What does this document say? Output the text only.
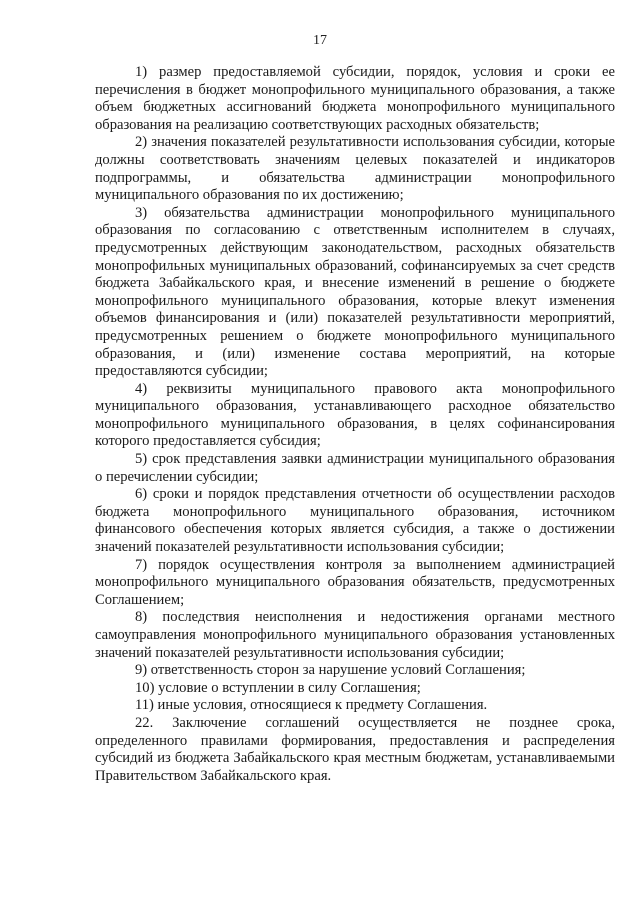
17

1) размер предоставляемой субсидии, порядок, условия и сроки ее перечисления в бюджет монопрофильного муниципального образования, а также объем бюджетных ассигнований бюджета монопрофильного муниципального образования на реализацию соответствующих расходных обязательств;

2) значения показателей результативности использования субсидии, которые должны соответствовать значениям целевых показателей и индикаторов подпрограммы, и обязательства администрации монопрофильного муниципального образования по их достижению;

3) обязательства администрации монопрофильного муниципального образования по согласованию с ответственным исполнителем в случаях, предусмотренных действующим законодательством, расходных обязательств монопрофильных муниципальных образований, софинансируемых за счет средств бюджета Забайкальского края, и внесение изменений в решение о бюджете монопрофильного муниципального образования, которые влекут изменения объемов финансирования и (или) показателей результативности мероприятий, предусмотренных решением о бюджете монопрофильного муниципального образования, и (или) изменение состава мероприятий, на которые предоставляются субсидии;

4) реквизиты муниципального правового акта монопрофильного муниципального образования, устанавливающего расходное обязательство монопрофильного муниципального образования, в целях софинансирования которого предоставляется субсидия;

5) срок представления заявки администрации муниципального образования о перечислении субсидии;

6) сроки и порядок представления отчетности об осуществлении расходов бюджета монопрофильного муниципального образования, источником финансового обеспечения которых является субсидия, а также о достижении значений показателей результативности использования субсидии;

7) порядок осуществления контроля за выполнением администрацией монопрофильного муниципального образования обязательств, предусмотренных Соглашением;

8) последствия неисполнения и недостижения органами местного самоуправления монопрофильного муниципального образования установленных значений показателей результативности использования субсидии;

9) ответственность сторон за нарушение условий Соглашения;

10) условие о вступлении в силу Соглашения;

11) иные условия, относящиеся к предмету Соглашения.

22. Заключение соглашений осуществляется не позднее срока, определенного правилами формирования, предоставления и распределения субсидий из бюджета Забайкальского края местным бюджетам, устанавливаемыми Правительством Забайкальского края.
